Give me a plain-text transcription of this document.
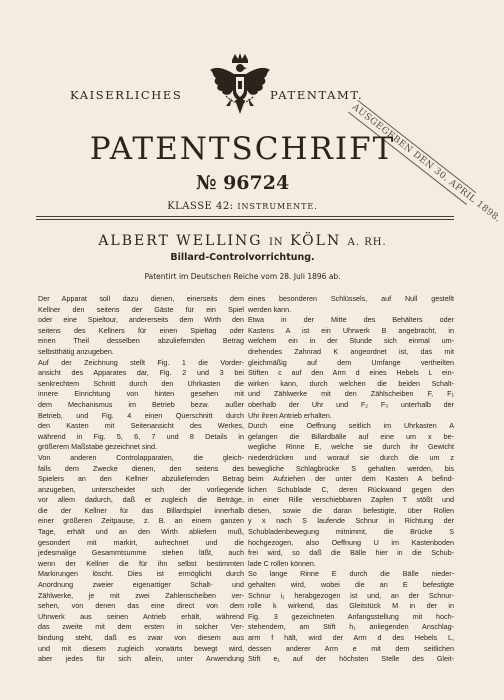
KAISERLICHES	PATENTAMT.
AUSGEGEBEN DEN 30. APRIL 1898.
PATENTSCHRIFT
№ 96724
KLASSE 42: INSTRUMENTE.
ALBERT WELLING IN KÖLN A. RH.
Billard-Controlvorrichtung.
Patentirt im Deutschen Reiche vom 28. Juli 1896 ab.

Der Apparat soll dazu dienen, einerseits dem

Kellner den seitens der Gäste für ein Spiel

oder eine Spieltour, andererseits dem Wirth den

seitens des Kellners für einen Spieltag oder

einen Theil desselben abzuliefernden Betrag

selbstthätig anzugeben.

Auf der Zeichnung stellt Fig. 1 die Vorder-

ansicht des Apparates dar, Fig. 2 und 3 bei

senkrechtem Schnitt durch den Uhrkasten die

innere Einrichtung von hinten gesehen mit

dem Mechanismus im Betrieb bezw. außer

Betrieb, und Fig. 4 einen Querschnitt durch

den Kasten mit Seitenansicht des Werkes,

während in Fig. 5, 6, 7 und 8 Details in

größerem Maßstabe gezeichnet sind.

Von anderen Controlapparaten, die gleich-

falls dem Zwecke dienen, den seitens des

Spielers an den Kellner abzuliefernden Betrag

anzugeben, unterscheidet sich der vorliegende

vor allem dadurch, daß er zugleich die Beträge,

die der Kellner für das Billardspiel innerhalb

einer größeren Zeitpause, z. B. an einem ganzen

Tage, erhält und an den Wirth abliefern muß,

gesondert mit markirt, aufrechnet und die

jedesmalige Gesammtsumme stehen läßt, auch

wenn der Kellner die für ihn selbst bestimmten

Markirungen löscht. Dies ist ermöglicht durch

Anordnung zweier eigenartiger Schalt- und

Zählwerke, je mit zwei Zahlenscheiben ver-

sehen, von denen das eine direct von dem

Uhrwerk aus seinen Antrieb erhält, während

das zweite mit dem ersten in solcher Ver-

bindung steht, daß es zwar von diesem aus

und mit diesem zugleich vorwärts bewegt wird,

aber jedes für sich allein, unter Anwendung

eines besonderen Schlüssels, auf Null gestellt

werden kann.

Etwa in der Mitte des Behälters oder

Kastens A ist ein Uhrwerk B angebracht, in

welchem ein in der Stunde sich einmal um-

drehendes Zahnrad K angeordnet ist, das mit

gleichmäßig auf dem Umfange vertheilten

Stiften c auf den Arm d eines Hebels L ein-

wirken kann, durch welchen die beiden Schalt-

und Zählwerke mit den Zählscheiben F, F₁

oberhalb der Uhr und F₂ F₃ unterhalb der

Uhr ihren Antrieb erhalten.

Durch eine Oeffnung seitlich im Uhrkasten A

gelangen die Billardbälle auf eine um x be-

wegliche Rinne E, welche sie durch ihr Gewicht

niederdrücken und worauf sie durch die um z

bewegliche Schlagbrücke S gehalten werden, bis

beim Aufziehen der unter dem Kasten A befind-

lichen Schublade C, deren Rückwand gegen den

in einer Rille verschiebbaren Zapfen T stößt und

diesen, sowie die daran befestigte, über Rollen

y x nach S laufende Schnur in Richtung der

Schubladenbewegung mitnimmt, die Brücke S

hochgezogen, also Oeffnung U im Kastenboden

frei wird, so daß die Bälle hier in die Schub-

lade C rollen können.

So lange Rinne E durch die Bälle nieder-

gehalten wird, wobei die an E befestigte

Schnur i₁ herabgezogen ist und, an der Schnur-

rolle k wirkend, das Gleitstück M in der in

Fig. 3 gezeichneten Anfangsstellung mit hoch-

stehendem, am Stift h₁ anliegenden Anschlag-

arm f hält, wird der Arm d des Hebels L,

dessen anderer Arm e mit dem seitlichen

Stift e₁ auf der höchsten Stelle des Gleit-
